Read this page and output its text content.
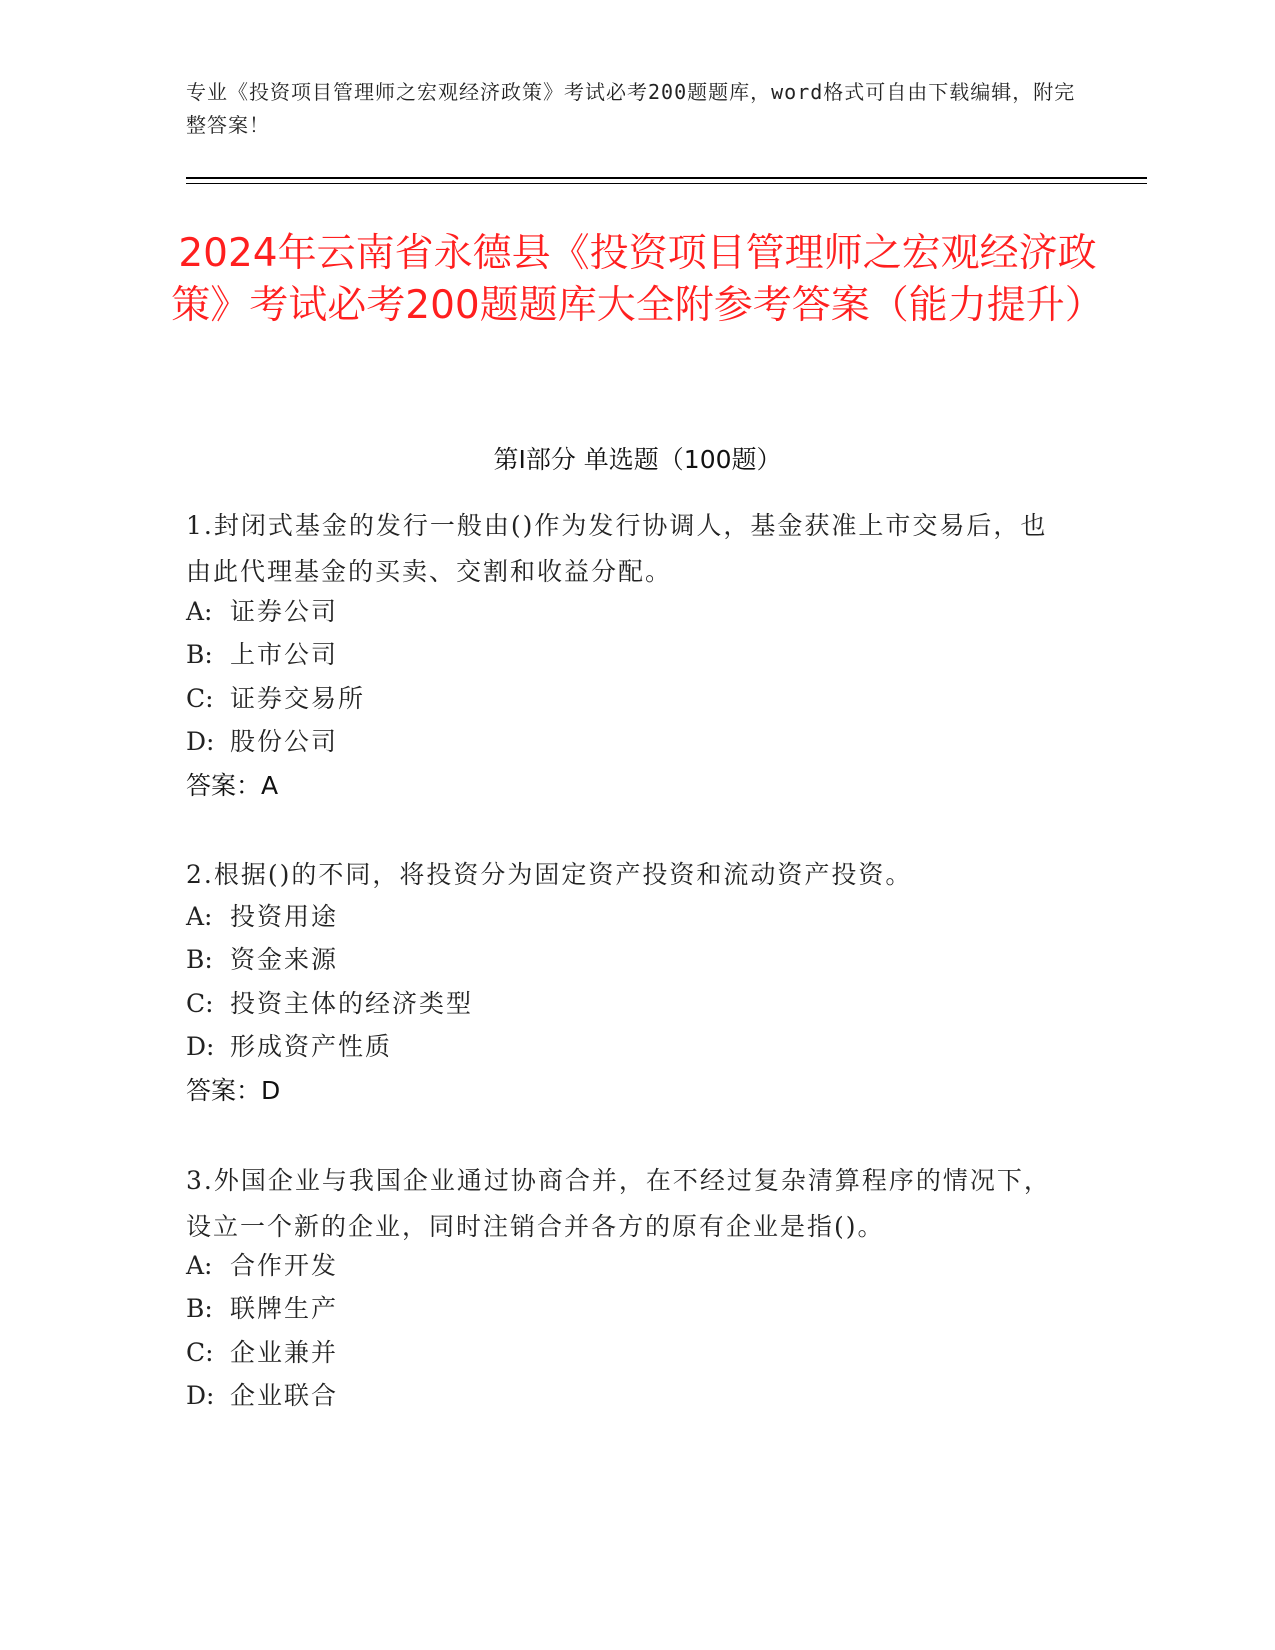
专业《投资项目管理师之宏观经济政策》考试必考200题题库，word格式可自由下载编辑，附完整答案！
2024年云南省永德县《投资项目管理师之宏观经济政策》考试必考200题题库大全附参考答案（能力提升）
第I部分 单选题（100题）
1.封闭式基金的发行一般由()作为发行协调人，基金获准上市交易后，也由此代理基金的买卖、交割和收益分配。
A: 证券公司
B: 上市公司
C: 证券交易所
D: 股份公司
答案：A
2.根据()的不同，将投资分为固定资产投资和流动资产投资。
A: 投资用途
B: 资金来源
C: 投资主体的经济类型
D: 形成资产性质
答案：D
3.外国企业与我国企业通过协商合并，在不经过复杂清算程序的情况下，设立一个新的企业，同时注销合并各方的原有企业是指()。
A: 合作开发
B: 联牌生产
C: 企业兼并
D: 企业联合
